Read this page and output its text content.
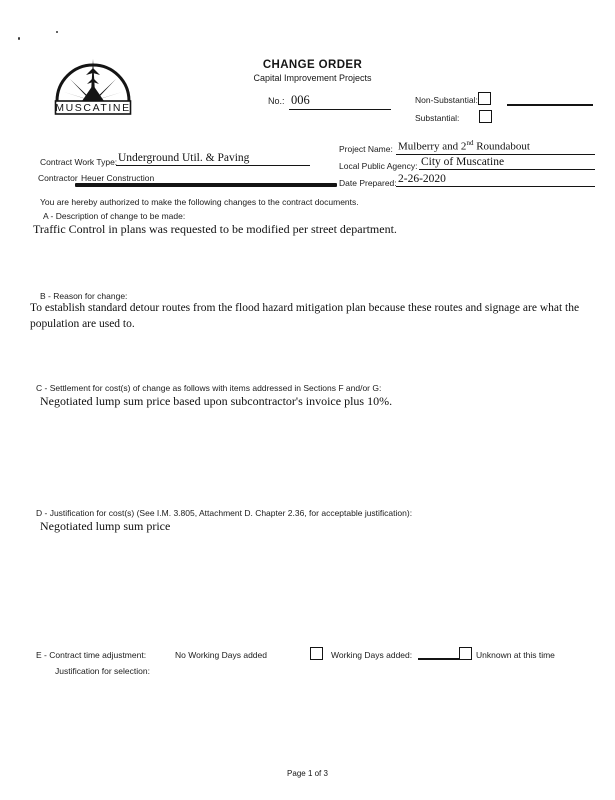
MUSCATINE
CHANGE ORDER
Capital Improvement Projects
No.: 006	Non-Substantial:
Substantial:
Project Name: Mulberry and 2nd Roundabout
Contract Work Type: Underground Util. & Paving
Local Public Agency: City of Muscatine
Contractor Heuer Construction	Date Prepared: 2-26-2020
You are hereby authorized to make the following changes to the contract documents.
A - Description of change to be made:
Traffic Control in plans was requested to be modified per street department.
B - Reason for change:
To establish standard detour routes from the flood hazard mitigation plan because these routes and signage are what the population are used to.
C - Settlement for cost(s) of change as follows with items addressed in Sections F and/or G:
Negotiated lump sum price based upon subcontractor's invoice plus 10%.
D - Justification for cost(s) (See I.M. 3.805, Attachment D. Chapter 2.36, for acceptable justification):
Negotiated lump sum price
E - Contract time adjustment:	No Working Days added	Working Days added:	Unknown at this time
Justification for selection:
Page 1 of 3
